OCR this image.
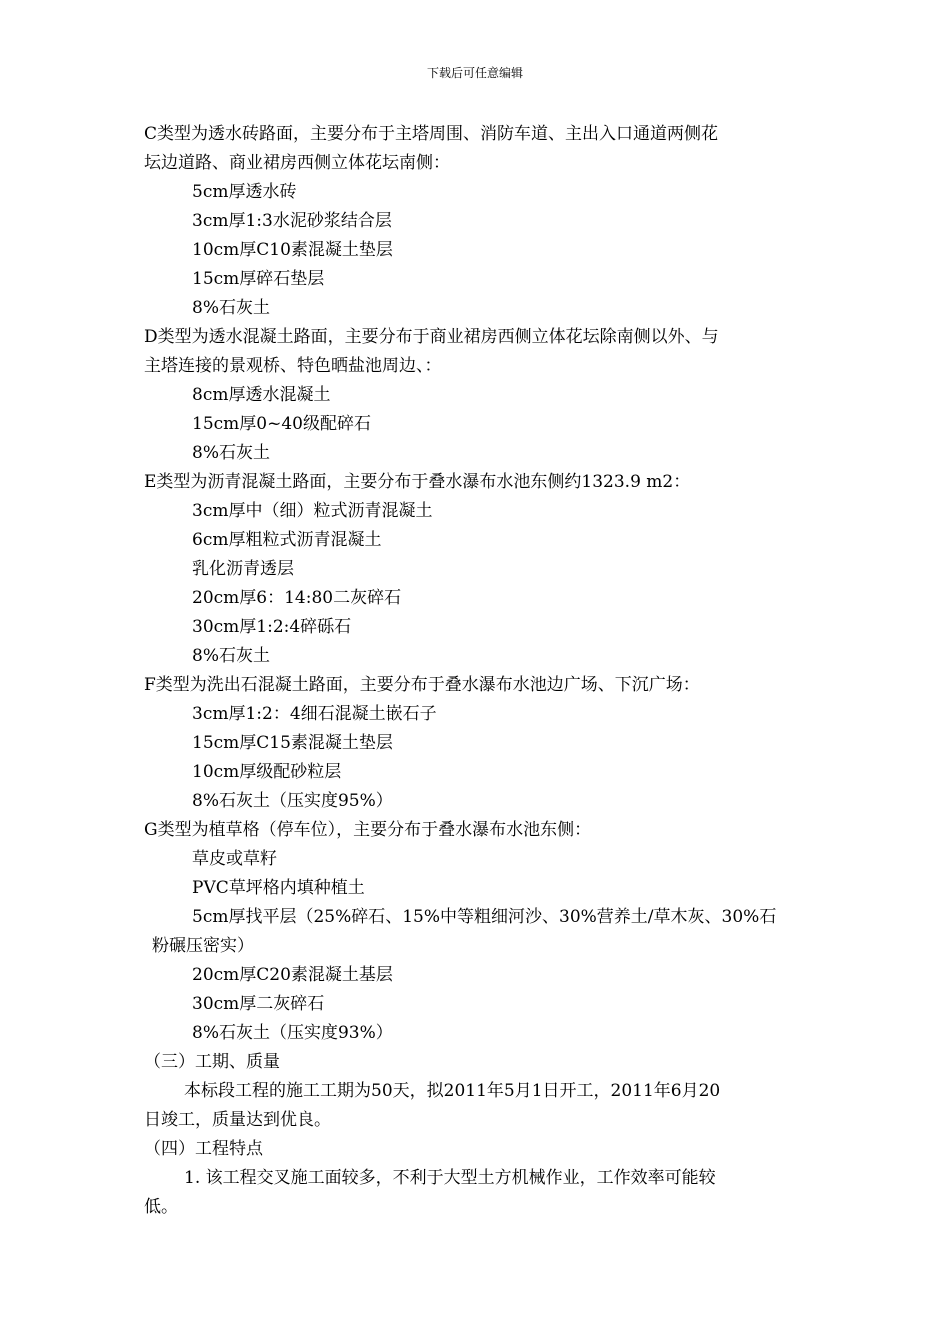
下载后可任意编辑
C类型为透水砖路面，主要分布于主塔周围、消防车道、主出入口通道两侧花
坛边道路、商业裙房西侧立体花坛南侧：
5cm厚透水砖
3cm厚1:3水泥砂浆结合层
10cm厚C10素混凝土垫层
15cm厚碎石垫层
8%石灰土
D类型为透水混凝土路面，主要分布于商业裙房西侧立体花坛除南侧以外、与
主塔连接的景观桥、特色晒盐池周边、：
8cm厚透水混凝土
15cm厚0~40级配碎石
8%石灰土
E类型为沥青混凝土路面，主要分布于叠水瀑布水池东侧约1323.9 m2：
3cm厚中（细）粒式沥青混凝土
6cm厚粗粒式沥青混凝土
乳化沥青透层
20cm厚6：14:80二灰碎石
30cm厚1:2:4碎砾石
8%石灰土
F类型为洗出石混凝土路面，主要分布于叠水瀑布水池边广场、下沉广场：
3cm厚1:2：4细石混凝土嵌石子
15cm厚C15素混凝土垫层
10cm厚级配砂粒层
8%石灰土（压实度95%）
G类型为植草格（停车位），主要分布于叠水瀑布水池东侧：
草皮或草籽
PVC草坪格内填种植土
5cm厚找平层（25%碎石、15%中等粗细河沙、30%营养土/草木灰、30%石
粉碾压密实）
20cm厚C20素混凝土基层
30cm厚二灰碎石
8%石灰土（压实度93%）
（三）工期、质量
本标段工程的施工工期为50天，拟2011年5月1日开工，2011年6月20
日竣工，质量达到优良。
（四）工程特点
1. 该工程交叉施工面较多，不利于大型土方机械作业，工作效率可能较
低。
